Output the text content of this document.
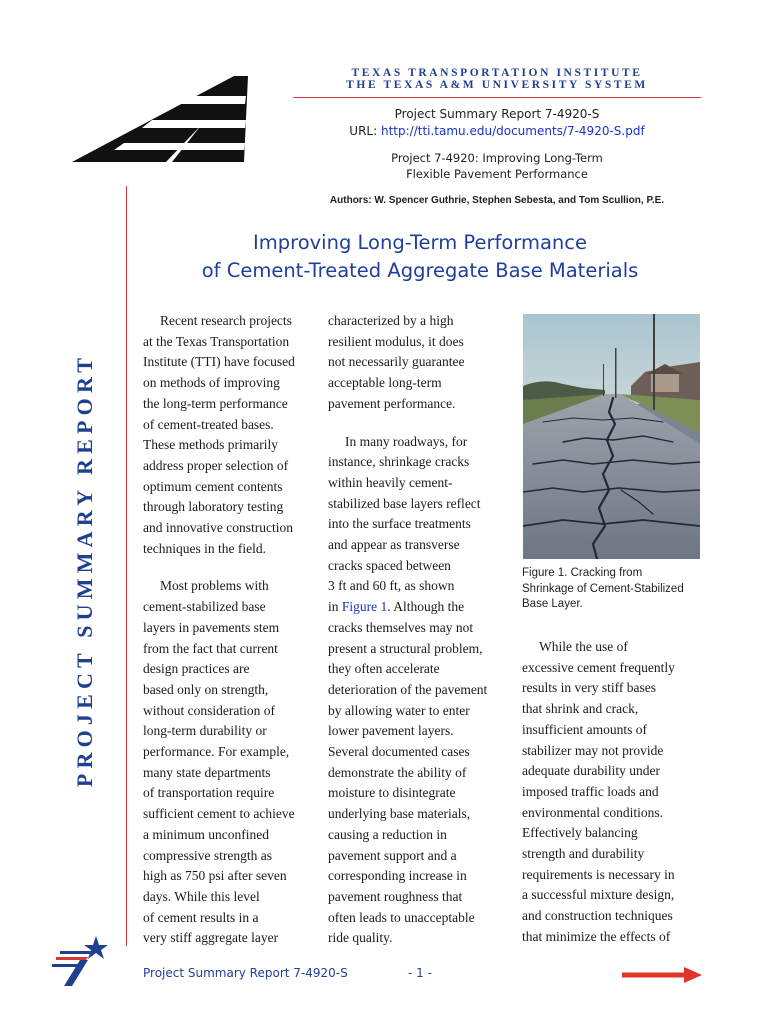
TEXAS TRANSPORTATION INSTITUTE
THE TEXAS A&M UNIVERSITY SYSTEM
Project Summary Report 7-4920-S
URL: http://tti.tamu.edu/documents/7-4920-S.pdf
Project 7-4920: Improving Long-Term
Flexible Pavement Performance
Authors: W. Spencer Guthrie, Stephen Sebesta, and Tom Scullion, P.E.
PROJECT SUMMARY REPORT
Improving Long-Term Performance
of Cement-Treated Aggregate Base Materials

Recent research projects

at the Texas Transportation

Institute (TTI) have focused

on methods of improving

the long-term performance

of cement-treated bases.

These methods primarily

address proper selection of

optimum cement contents

through laboratory testing

and innovative construction

techniques in the field.

Most problems with

cement-stabilized base

layers in pavements stem

from the fact that current

design practices are

based only on strength,

without consideration of

long-term durability or

performance. For example,

many state departments

of transportation require

sufficient cement to achieve

a minimum unconfined

compressive strength as

high as 750 psi after seven

days. While this level

of cement results in a

very stiff aggregate layer

characterized by a high

resilient modulus, it does

not necessarily guarantee

acceptable long-term

pavement performance.

In many roadways, for

instance, shrinkage cracks

within heavily cement-

stabilized base layers reflect

into the surface treatments

and appear as transverse

cracks spaced between

3 ft and 60 ft, as shown

in Figure 1. Although the

cracks themselves may not

present a structural problem,

they often accelerate

deterioration of the pavement

by allowing water to enter

lower pavement layers.

Several documented cases

demonstrate the ability of

moisture to disintegrate

underlying base materials,

causing a reduction in

pavement support and a

corresponding increase in

pavement roughness that

often leads to unacceptable

ride quality.

Figure 1. Cracking from
Shrinkage of Cement-Stabilized
Base Layer.

While the use of

excessive cement frequently

results in very stiff bases

that shrink and crack,

insufficient amounts of

stabilizer may not provide

adequate durability under

imposed traffic loads and

environmental conditions.

Effectively balancing

strength and durability

requirements is necessary in

a successful mixture design,

and construction techniques

that minimize the effects of

Project Summary Report 7-4920-S	- 1 -
